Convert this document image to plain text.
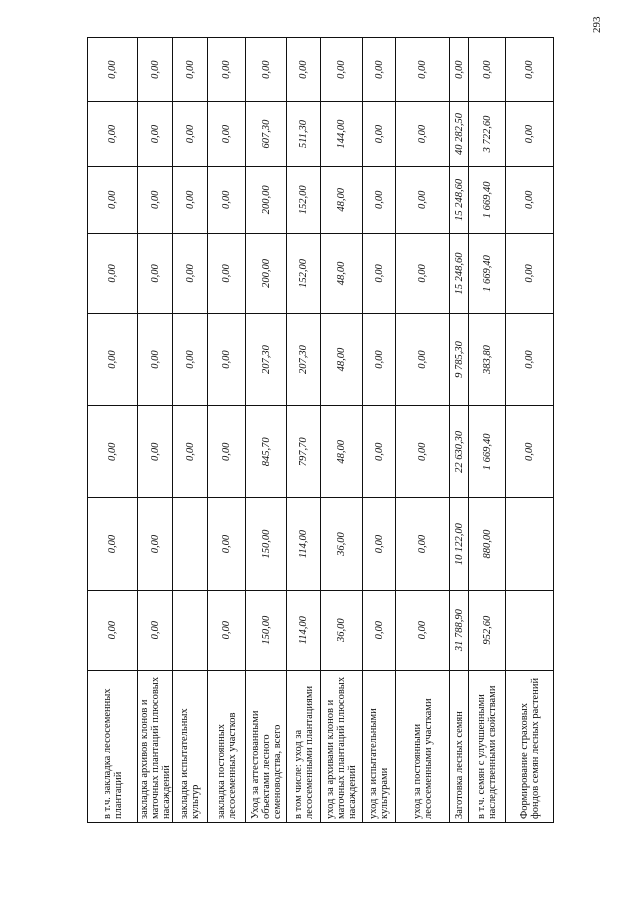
в т.ч. закладка лесосеменных плантаций	0,00	0,00	0,00	0,00	0,00	0,00	0,00	0,00
закладка архивов клонов и маточных плантаций плюсовых насаждений	0,00	0,00	0,00	0,00	0,00	0,00	0,00	0,00
закладка испытательных культур			0,00	0,00	0,00	0,00	0,00	0,00
закладка постоянных лесосеменных участков	0,00	0,00	0,00	0,00	0,00	0,00	0,00	0,00
Уход за аттестованными объектами лесного семеноводства, всего	150,00	150,00	845,70	207,30	200,00	200,00	607,30	0,00
в том числе: уход за лесосеменными плантациями	114,00	114,00	797,70	207,30	152,00	152,00	511,30	0,00
уход за архивами клонов и маточных плантаций плюсовых насаждений	36,00	36,00	48,00	48,00	48,00	48,00	144,00	0,00
уход за испытательными культурами	0,00	0,00	0,00	0,00	0,00	0,00	0,00	0,00
уход за постоянными лесосеменными участками	0,00	0,00	0,00	0,00	0,00	0,00	0,00	0,00
Заготовка лесных семян	31 788,90	10 122,00	22 630,30	9 785,30	15 248,60	15 248,60	40 282,50	0,00
в т.ч. семян с улучшенными наследственными свойствами	952,60	880,00	1 669,40	383,80	1 669,40	1 669,40	3 722,60	0,00
Формирование страховых фондов семян лесных растений			0,00	0,00	0,00	0,00	0,00	0,00
293
